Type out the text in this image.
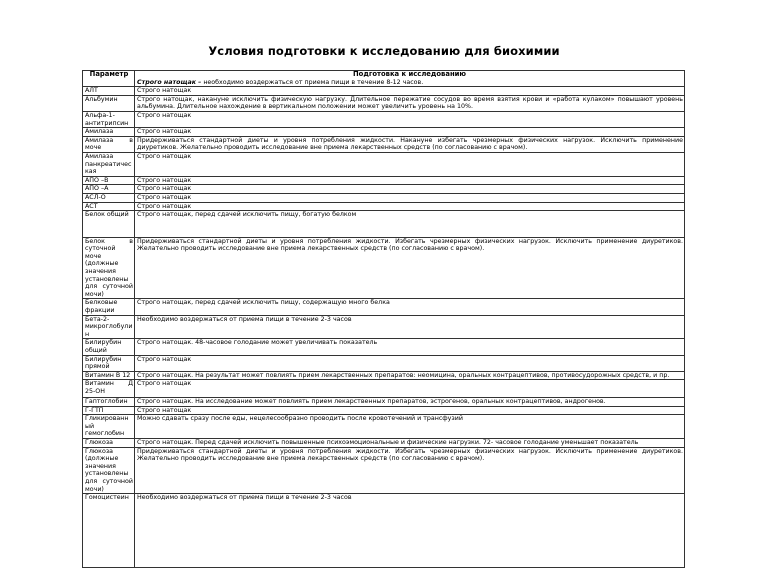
Условия подготовки к исследованию для биохимии
Параметр	Подготовка к исследованию
Строго натощак – необходимо воздержаться от приема пищи в течение 8-12 часов.

АЛТ	Строго натощак
Альбумин	Строго натощак, накануне исключить физическую нагрузку. Длительное пережатие сосудов во время взятия крови и «работа кулаком» повышают уровень альбумина. Длительное нахождение в вертикальном положении может увеличить уровень на 10%.
Альфа-1-антитрипсин	Строго натощак
Амилаза	Строго натощак
Амилаза в моче	Придерживаться стандартной диеты и уровня потребления жидкости. Накануне избегать чрезмерных физических нагрузок. Исключить применение диуретиков. Желательно проводить исследование вне приема лекарственных средств (по согласованию с врачом).
Амилаза панкреатическая	Строго натощак
АПО –В	Строго натощак
АПО –А	Строго натощак
АСЛ-О	Строго натощак
АСТ	Строго натощак
Белок общий	Строго натощак, перед сдачей исключить пищу, богатую белком
Белок в суточной моче (должные значения установлены для суточной мочи)	Придерживаться стандартной диеты и уровня потребления жидкости. Избегать чрезмерных физических нагрузок. Исключить применение диуретиков. Желательно проводить исследование вне приема лекарственных средств (по согласованию с врачом).
Белковые фракции	Строго натощак, перед сдачей исключить пищу, содержащую много белка
Бета-2-микроглобулин	Необходимо воздержаться от приема пищи в течение 2-3 часов
Билирубин общий	Строго натощак. 48-часовое голодание может увеличивать показатель
Билирубин прямой	Строго натощак
Витамин В 12	Строго натощак. На результат может повлиять прием лекарственных препаратов: неомицина, оральных контрацептивов, противосудорожных средств, и пр.
Витамин Д 25-ОН	Строго натощак
Гаптоглобин	Строго натощак. На исследование может повлиять прием лекарственных препаратов, эстрогенов, оральных контрацептивов, андрогенов.
Г-ГТП	Строго натощак
Гликированный гемоглобин	Можно сдавать сразу после еды, нецелесообразно проводить после кровотечений и трансфузий
Глюкоза	Строго натощак. Перед сдачей исключить повышенные психоэмоциональные и физические нагрузки. 72- часовое голодание уменьшает показатель
Глюкоза (должные значения установлены для суточной мочи)	Придерживаться стандартной диеты и уровня потребления жидкости. Избегать чрезмерных физических нагрузок. Исключить применение диуретиков. Желательно проводить исследование вне приема лекарственных средств (по согласованию с врачом).
Гомоцистеин	Необходимо воздержаться от приема пищи в течение 2-3 часов
